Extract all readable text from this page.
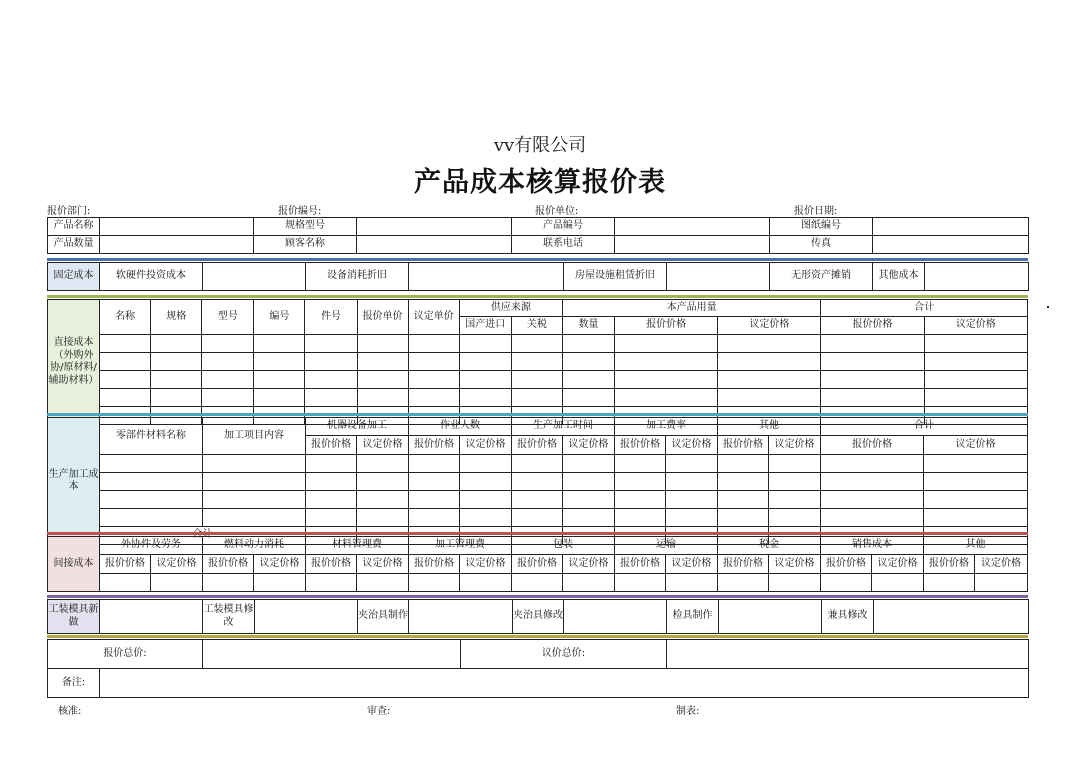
vv有限公司
产品成本核算报价表
报价部门:	报价编号:	报价单位:	报价日期:
产品名称		规格型号		产品编号		图纸编号	
产品数量		顾客名称		联系电话		传真	
固定成本	软硬件投资成本		设备消耗折旧		房屋设施租赁折旧		无形资产摊销	其他成本	
直接成本（外购外协/原材料/辅助材料）	名称	规格	型号	编号	件号	报价单价	议定单价	供应来源		本产品用量			合计	
								国产进口	关税	数量	报价价格	议定价格	报价价格	议定价格

生产加工成本	零部件材料名称	加工项目内容	机器设备加工		作业人数		生产加工时间		加工费率		其他		合计	
			报价价格	议定价格	报价价格	议定价格	报价价格	议定价格	报价价格	议定价格	报价价格	议定价格	报价价格	议定价格

间接成本	外协件及劳务		燃料动力消耗		材料管理费		加工管理费		包装		运输		税金		销售成本		其他	
	报价价格	议定价格	报价价格	议定价格	报价价格	议定价格	报价价格	议定价格	报价价格	议定价格	报价价格	议定价格	报价价格	议定价格	报价价格	议定价格	报价价格	议定价格

工装模具新做		工装模具修改		夹治具制作		夹治具修改		检具制作		兼具修改	
报价总价:			议价总价:	
备注:				
核准:	审查:	制表:
